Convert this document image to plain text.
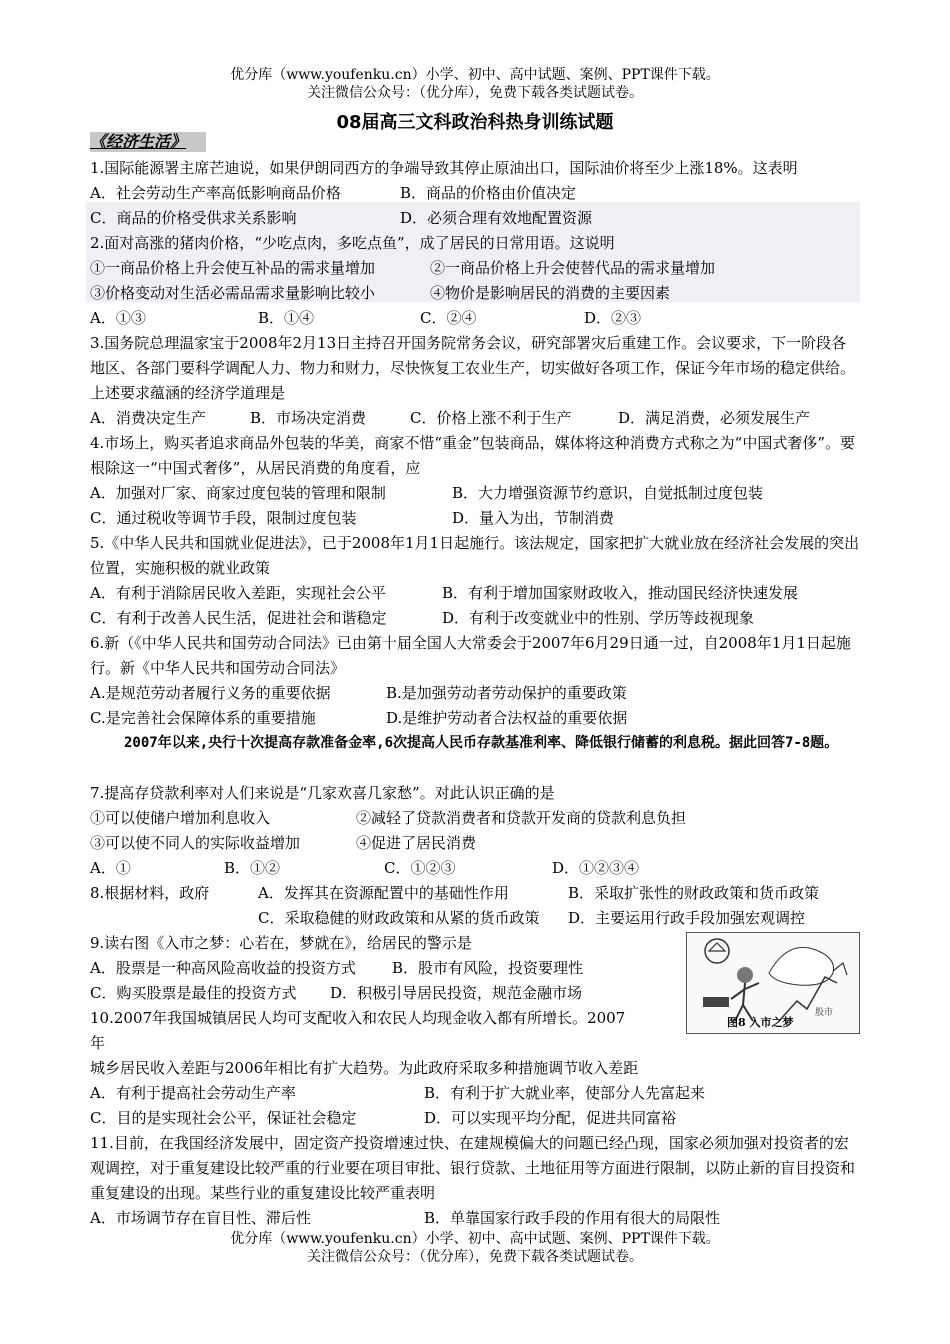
优分库（www.youfenku.cn）小学、初中、高中试题、案例、PPT课件下载。
关注微信公众号：（优分库），免费下载各类试题试卷。
08届高三文科政治科热身训练试题
《经济生活》
1.国际能源署主席芒迪说，如果伊朗同西方的争端导致其停止原油出口，国际油价将至少上涨18%。这表明
A．社会劳动生产率高低影响商品价格	B．商品的价格由价值决定
C．商品的价格受供求关系影响	D．必须合理有效地配置资源
2.面对高涨的猪肉价格，“少吃点肉，多吃点鱼”，成了居民的日常用语。这说明
①一商品价格上升会使互补品的需求量增加	②一商品价格上升会使替代品的需求量增加
③价格变动对生活必需品需求量影响比较小	④物价是影响居民的消费的主要因素
A．①③	B．①④	C．②④	D．②③

3.国务院总理温家宝于2008年2月13日主持召开国务院常务会议，研究部署灾后重建工作。会议要求，下一阶段各地区、各部门要科学调配人力、物力和财力，尽快恢复工农业生产，切实做好各项工作，保证今年市场的稳定供给。上述要求蕴涵的经济学道理是

A．消费决定生产	B．市场决定消费	C．价格上涨不利于生产	D．满足消费，必须发展生产

4.市场上，购买者追求商品外包装的华美，商家不惜“重金”包装商品，媒体将这种消费方式称之为“中国式奢侈”。要根除这一“中国式奢侈”，从居民消费的角度看，应

A．加强对厂家、商家过度包装的管理和限制	B．大力增强资源节约意识，自觉抵制过度包装
C．通过税收等调节手段，限制过度包装	D．量入为出，节制消费

5.《中华人民共和国就业促进法》，已于2008年1月1日起施行。该法规定，国家把扩大就业放在经济社会发展的突出位置，实施积极的就业政策

A．有利于消除居民收入差距，实现社会公平	B．有利于增加国家财政收入，推动国民经济快速发展
C．有利于改善人民生活，促进社会和谐稳定	D．有利于改变就业中的性别、学历等歧视现象

6.新（《中华人民共和国劳动合同法》已由第十届全国人大常委会于2007年6月29日通一过，自2008年1月1日起施行。新《中华人民共和国劳动合同法》

A.是规范劳动者履行义务的重要依据	B.是加强劳动者劳动保护的重要政策
C.是完善社会保障体系的重要措施	D.是维护劳动者合法权益的重要依据
2007年以来,央行十次提高存款准备金率,6次提高人民币存款基准利率、降低银行储蓄的利息税。据此回答7-8题。
7.提高存贷款利率对人们来说是“几家欢喜几家愁”。对此认识正确的是
①可以使储户增加利息收入	②减轻了贷款消费者和贷款开发商的贷款利息负担
③可以使不同人的实际收益增加	④促进了居民消费
A．①	B．①②	C．①②③	D．①②③④
8.根据材料，政府	A．发挥其在资源配置中的基础性作用	B．采取扩张性的财政政策和货币政策
C．采取稳健的财政政策和从紧的货币政策 D．主要运用行政手段加强宏观调控
9.读右图《入市之梦：心若在，梦就在》，给居民的警示是
A．股票是一种高风险高收益的投资方式 B．股市有风险，投资要理性
C．购买股票是最佳的投资方式 D．积极引导居民投资，规范金融市场
股市
图8 入市之梦
10.2007年我国城镇居民人均可支配收入和农民人均现金收入都有所增长。2007
年
城乡居民收入差距与2006年相比有扩大趋势。为此政府采取多种措施调节收入差距
A．有利于提高社会劳动生产率	B．有利于扩大就业率，使部分人先富起来
C．目的是实现社会公平，保证社会稳定	D．可以实现平均分配，促进共同富裕

11.目前，在我国经济发展中，固定资产投资增速过快、在建规模偏大的问题已经凸现，国家必须加强对投资者的宏观调控，对于重复建设比较严重的行业要在项目审批、银行贷款、土地征用等方面进行限制，以防止新的盲目投资和重复建设的出现。某些行业的重复建设比较严重表明

A．市场调节存在盲目性、滞后性	B．单靠国家行政手段的作用有很大的局限性
优分库（www.youfenku.cn）小学、初中、高中试题、案例、PPT课件下载。
关注微信公众号：（优分库），免费下载各类试题试卷。
